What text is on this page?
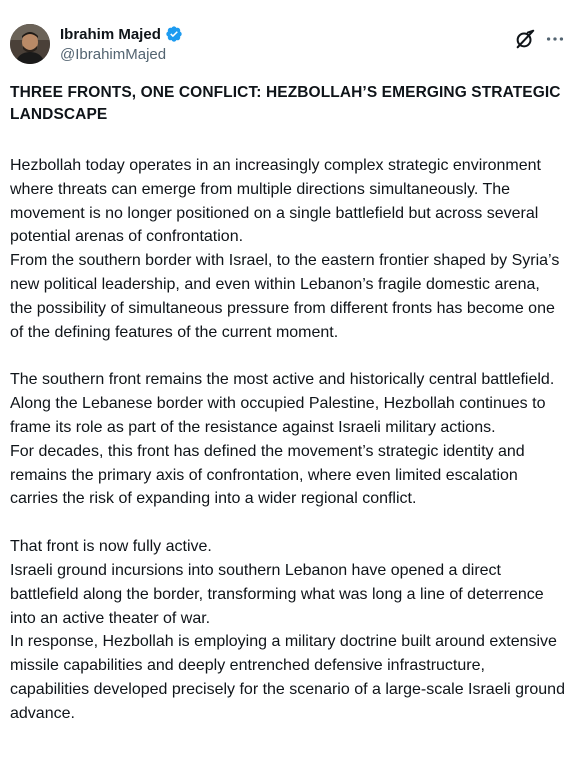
Ibrahim Majed
@IbrahimMajed

THREE FRONTS, ONE CONFLICT: HEZBOLLAH’S EMERGING STRATEGIC LANDSCAPE

Hezbollah today operates in an increasingly complex strategic environment where threats can emerge from multiple directions simultaneously. The movement is no longer positioned on a single battlefield but across several potential arenas of confrontation.

From the southern border with Israel, to the eastern frontier shaped by Syria’s new political leadership, and even within Lebanon’s fragile domestic arena, the possibility of simultaneous pressure from different fronts has become one of the defining features of the current moment.

The southern front remains the most active and historically central battlefield. Along the Lebanese border with occupied Palestine, Hezbollah continues to frame its role as part of the resistance against Israeli military actions.

For decades, this front has defined the movement’s strategic identity and remains the primary axis of confrontation, where even limited escalation carries the risk of expanding into a wider regional conflict.

That front is now fully active.

Israeli ground incursions into southern Lebanon have opened a direct battlefield along the border, transforming what was long a line of deterrence into an active theater of war.

In response, Hezbollah is employing a military doctrine built around extensive missile capabilities and deeply entrenched defensive infrastructure, capabilities developed precisely for the scenario of a large-scale Israeli ground advance.
